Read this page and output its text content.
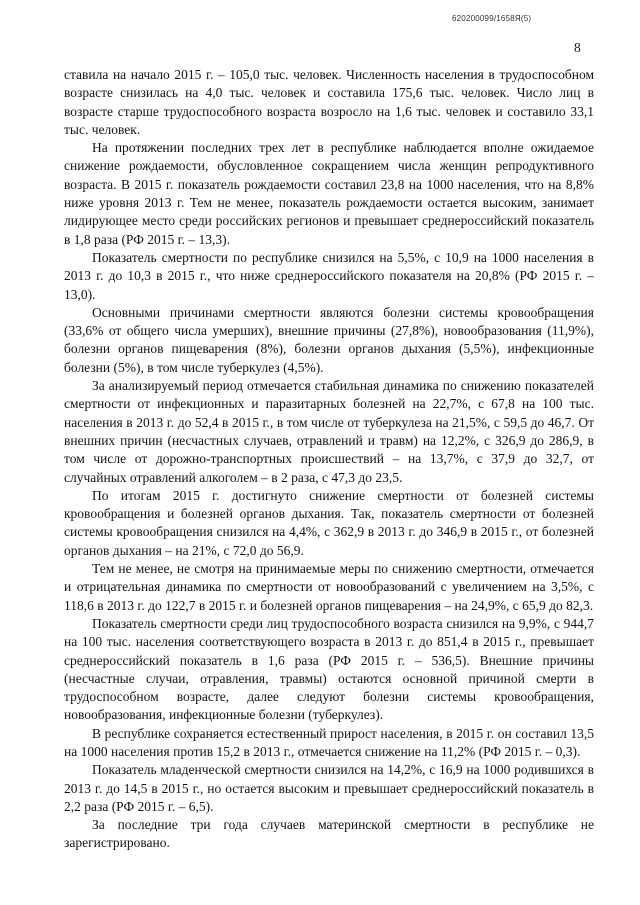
620200099/1658Я(5)
8

ставила на начало 2015 г. – 105,0 тыс. человек. Численность населения в трудоспособном возрасте снизилась на 4,0 тыс. человек и составила 175,6 тыс. человек. Число лиц в возрасте старше трудоспособного возраста возросло на 1,6 тыс. человек и составило 33,1 тыс. человек.

На протяжении последних трех лет в республике наблюдается вполне ожидаемое снижение рождаемости, обусловленное сокращением числа женщин репродуктивного возраста. В 2015 г. показатель рождаемости составил 23,8 на 1000 населения, что на 8,8% ниже уровня 2013 г. Тем не менее, показатель рождаемости остается высоким, занимает лидирующее место среди российских регионов и превышает среднероссийский показатель в 1,8 раза (РФ 2015 г. – 13,3).

Показатель смертности по республике снизился на 5,5%, с 10,9 на 1000 населения в 2013 г. до 10,3 в 2015 г., что ниже среднероссийского показателя на 20,8% (РФ 2015 г. – 13,0).

Основными причинами смертности являются болезни системы кровообращения (33,6% от общего числа умерших), внешние причины (27,8%), новообразования (11,9%), болезни органов пищеварения (8%), болезни органов дыхания (5,5%), инфекционные болезни (5%), в том числе туберкулез (4,5%).

За анализируемый период отмечается стабильная динамика по снижению показателей смертности от инфекционных и паразитарных болезней на 22,7%, с 67,8 на 100 тыс. населения в 2013 г. до 52,4 в 2015 г., в том числе от туберкулеза на 21,5%, с 59,5 до 46,7. От внешних причин (несчастных случаев, отравлений и травм) на 12,2%, с 326,9 до 286,9, в том числе от дорожно-транспортных происшествий – на 13,7%, с 37,9 до 32,7, от случайных отравлений алкоголем – в 2 раза, с 47,3 до 23,5.

По итогам 2015 г. достигнуто снижение смертности от болезней системы кровообращения и болезней органов дыхания. Так, показатель смертности от болезней системы кровообращения снизился на 4,4%, с 362,9 в 2013 г. до 346,9 в 2015 г., от болезней органов дыхания – на 21%, с 72,0 до 56,9.

Тем не менее, не смотря на принимаемые меры по снижению смертности, отмечается и отрицательная динамика по смертности от новообразований с увеличением на 3,5%, с 118,6 в 2013 г. до 122,7 в 2015 г. и болезней органов пищеварения – на 24,9%, с 65,9 до 82,3.

Показатель смертности среди лиц трудоспособного возраста снизился на 9,9%, с 944,7 на 100 тыс. населения соответствующего возраста в 2013 г. до 851,4 в 2015 г., превышает среднероссийский показатель в 1,6 раза (РФ 2015 г. – 536,5). Внешние причины (несчастные случаи, отравления, травмы) остаются основной причиной смерти в трудоспособном возрасте, далее следуют болезни системы кровообращения, новообразования, инфекционные болезни (туберкулез).

В республике сохраняется естественный прирост населения, в 2015 г. он составил 13,5 на 1000 населения против 15,2 в 2013 г., отмечается снижение на 11,2% (РФ 2015 г. – 0,3).

Показатель младенческой смертности снизился на 14,2%, с 16,9 на 1000 родившихся в 2013 г. до 14,5 в 2015 г., но остается высоким и превышает среднероссийский показатель в 2,2 раза (РФ 2015 г. – 6,5).

За последние три года случаев материнской смертности в республике не зарегистрировано.
